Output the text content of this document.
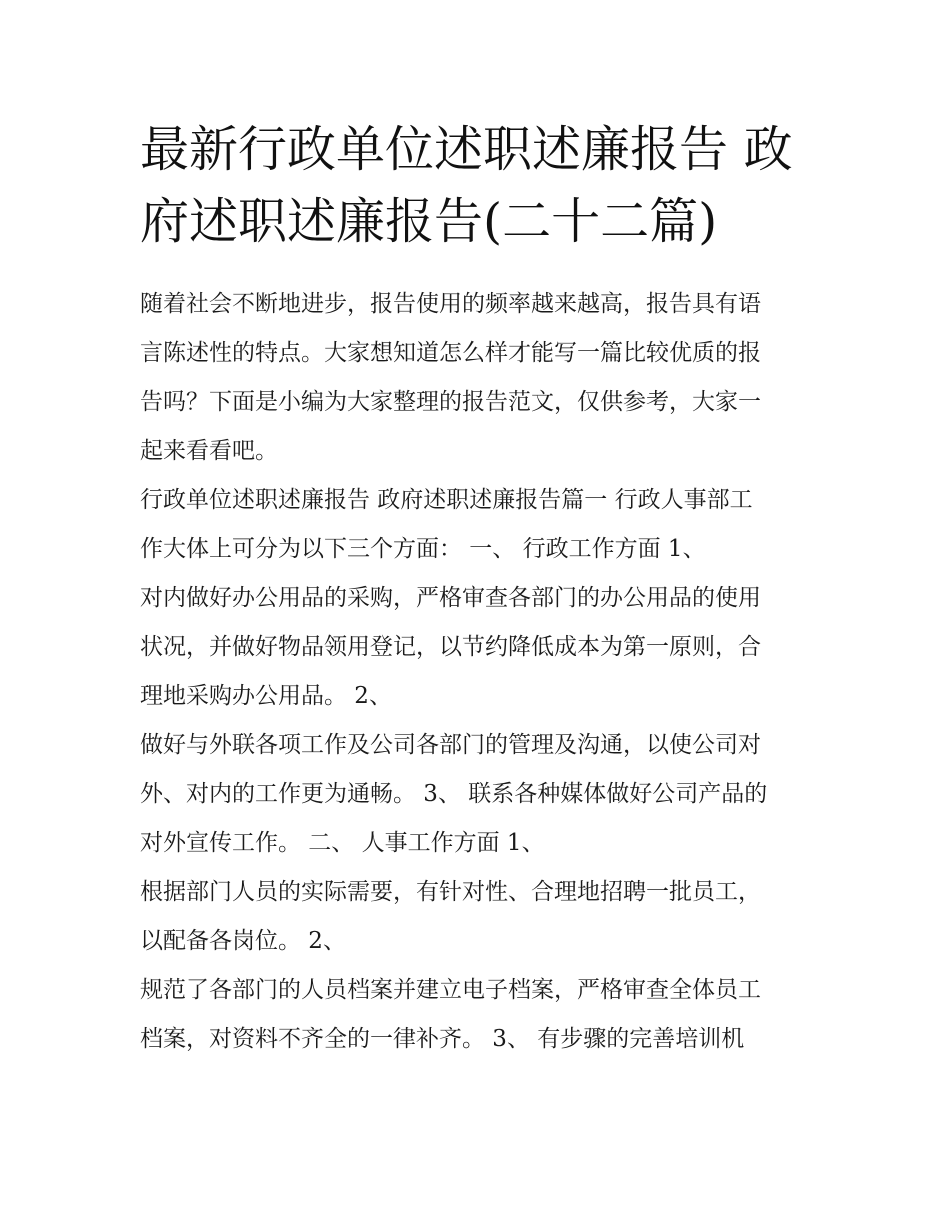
最新行政单位述职述廉报告 政
府述职述廉报告(二十二篇)
随着社会不断地进步，报告使用的频率越来越高，报告具有语
言陈述性的特点。大家想知道怎么样才能写一篇比较优质的报
告吗？下面是小编为大家整理的报告范文，仅供参考，大家一
起来看看吧。
行政单位述职述廉报告 政府述职述廉报告篇一 行政人事部工
作大体上可分为以下三个方面： 一、 行政工作方面 1、
对内做好办公用品的采购，严格审查各部门的办公用品的使用
状况，并做好物品领用登记，以节约降低成本为第一原则，合
理地采购办公用品。 2、
做好与外联各项工作及公司各部门的管理及沟通，以使公司对
外、对内的工作更为通畅。 3、 联系各种媒体做好公司产品的
对外宣传工作。 二、 人事工作方面 1、
根据部门人员的实际需要，有针对性、合理地招聘一批员工，
以配备各岗位。 2、
规范了各部门的人员档案并建立电子档案，严格审查全体员工
档案，对资料不齐全的一律补齐。 3、 有步骤的完善培训机
